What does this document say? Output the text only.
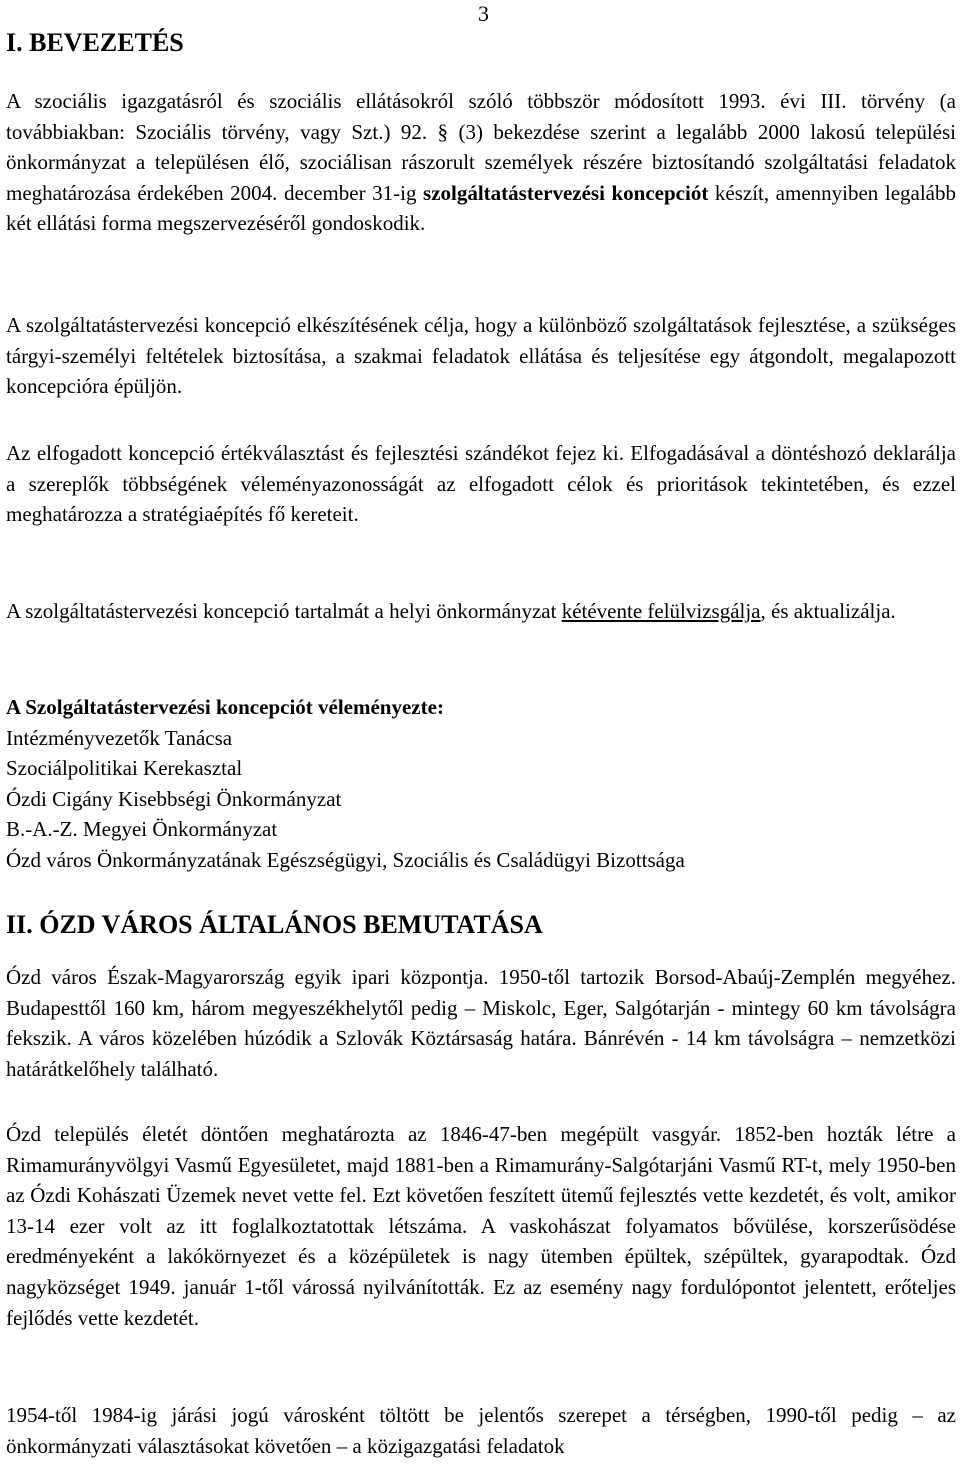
3
I. BEVEZETÉS

A szociális igazgatásról és szociális ellátásokról szóló többször módosított 1993. évi III. törvény (a továbbiakban: Szociális törvény, vagy Szt.) 92. § (3) bekezdése szerint a legalább 2000 lakosú települési önkormányzat a településen élő, szociálisan rászorult személyek részére biztosítandó szolgáltatási feladatok meghatározása érdekében 2004. december 31-ig szolgáltatástervezési koncepciót készít, amennyiben legalább két ellátási forma megszervezéséről gondoskodik.

A szolgáltatástervezési koncepció elkészítésének célja, hogy a különböző szolgáltatások fejlesztése, a szükséges tárgyi-személyi feltételek biztosítása, a szakmai feladatok ellátása és teljesítése egy átgondolt, megalapozott koncepcióra épüljön.

Az elfogadott koncepció értékválasztást és fejlesztési szándékot fejez ki. Elfogadásával a döntéshozó deklarálja a szereplők többségének véleményazonosságát az elfogadott célok és prioritások tekintetében, és ezzel meghatározza a stratégiaépítés fő kereteit.

A szolgáltatástervezési koncepció tartalmát a helyi önkormányzat kétévente felülvizsgálja, és aktualizálja.

A Szolgáltatástervezési koncepciót véleményezte:
Intézményvezetők Tanácsa
Szociálpolitikai Kerekasztal
Ózdi Cigány Kisebbségi Önkormányzat
B.-A.-Z. Megyei Önkormányzat
Ózd város Önkormányzatának Egészségügyi, Szociális és Családügyi Bizottsága
II. ÓZD VÁROS ÁLTALÁNOS BEMUTATÁSA

Ózd város Észak-Magyarország egyik ipari központja. 1950-től tartozik Borsod-Abaúj-Zemplén megyéhez. Budapesttől 160 km, három megyeszékhelytől pedig – Miskolc, Eger, Salgótarján - mintegy 60 km távolságra fekszik. A város közelében húzódik a Szlovák Köztársaság határa. Bánrévén - 14 km távolságra – nemzetközi határátkelőhely található.

Ózd település életét döntően meghatározta az 1846-47-ben megépült vasgyár. 1852-ben hozták létre a Rimamurányvölgyi Vasmű Egyesületet, majd 1881-ben a Rimamurány-Salgótarjáni Vasmű RT-t, mely 1950-ben az Ózdi Kohászati Üzemek nevet vette fel. Ezt követően feszített ütemű fejlesztés vette kezdetét, és volt, amikor 13-14 ezer volt az itt foglalkoztatottak létszáma. A vaskohászat folyamatos bővülése, korszerűsödése eredményeként a lakókörnyezet és a középületek is nagy ütemben épültek, szépültek, gyarapodtak. Ózd nagyközséget 1949. január 1-től várossá nyilvánították. Ez az esemény nagy fordulópontot jelentett, erőteljes fejlődés vette kezdetét.

1954-től 1984-ig járási jogú városként töltött be jelentős szerepet a térségben, 1990-től pedig – az önkormányzati választásokat követően – a közigazgatási feladatok
